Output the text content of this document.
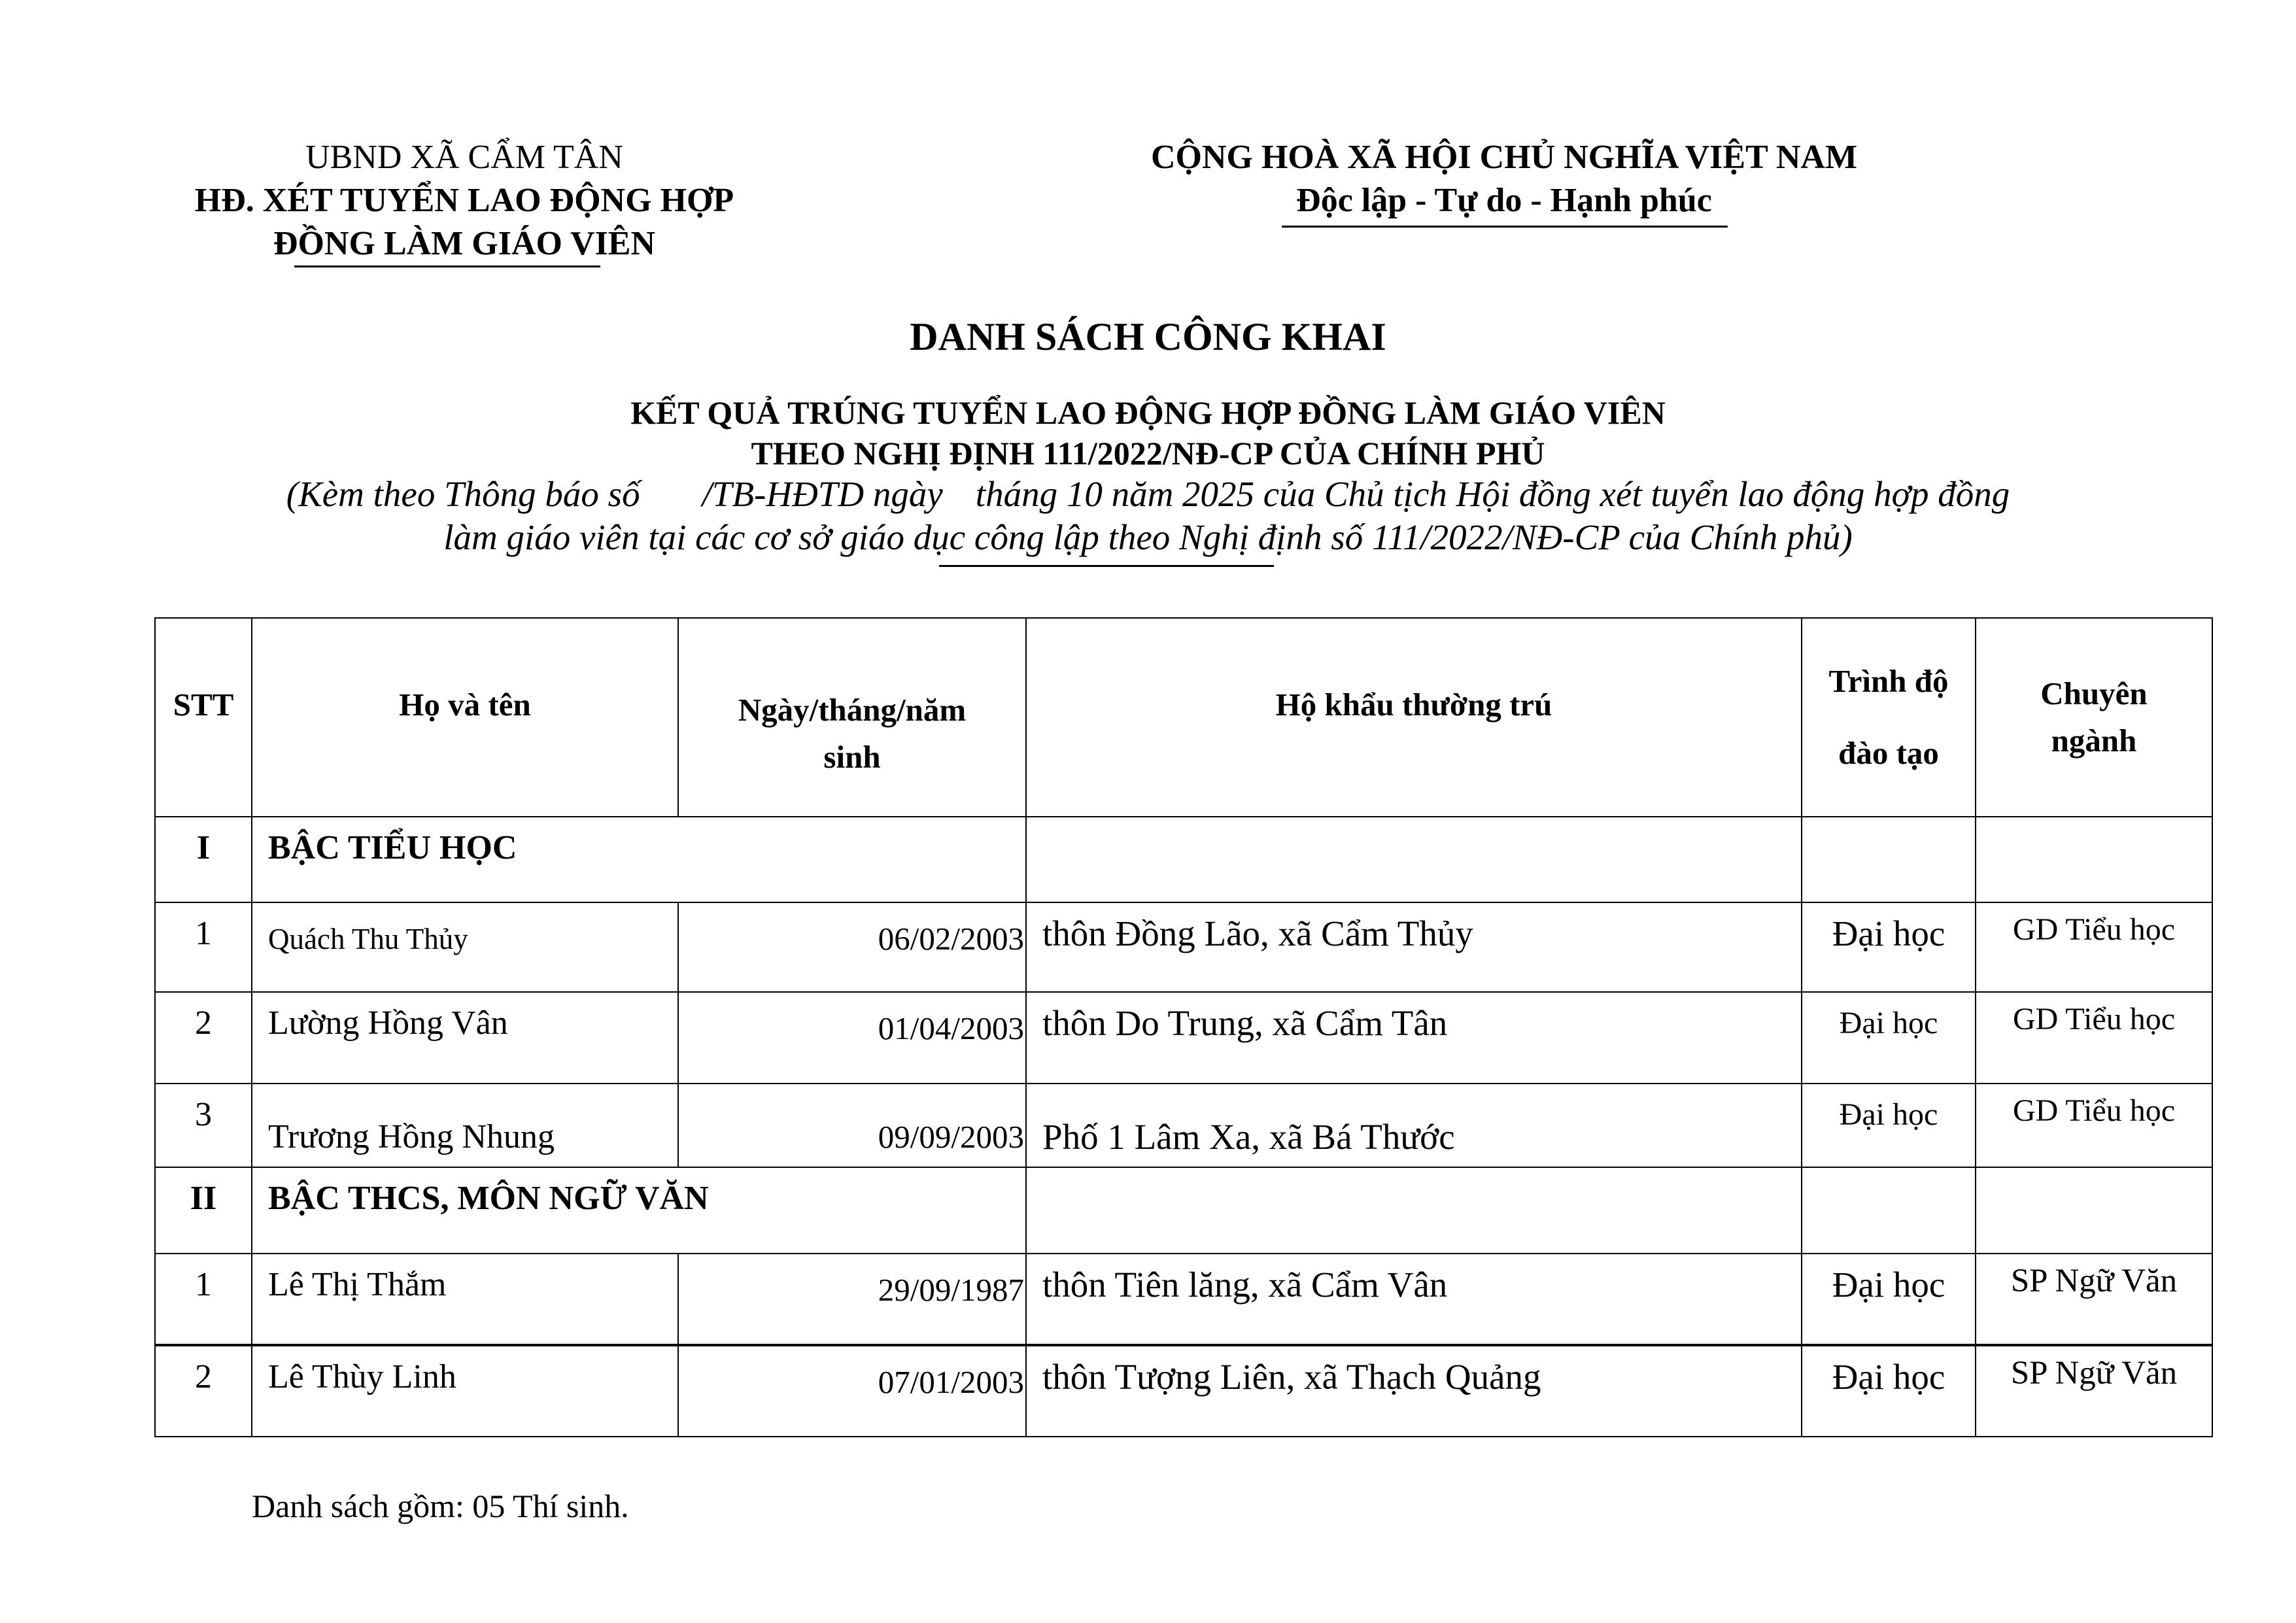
UBND XÃ CẨM TÂN
HĐ. XÉT TUYỂN LAO ĐỘNG HỢP
ĐỒNG LÀM GIÁO VIÊN
CỘNG HOÀ XÃ HỘI CHỦ NGHĨA VIỆT NAM
Độc lập - Tự do - Hạnh phúc
DANH SÁCH CÔNG KHAI
KẾT QUẢ TRÚNG TUYỂN LAO ĐỘNG HỢP ĐỒNG LÀM GIÁO VIÊN
THEO NGHỊ ĐỊNH 111/2022/NĐ-CP CỦA CHÍNH PHỦ
(Kèm theo Thông báo số /TB-HĐTD ngày tháng 10 năm 2025 của Chủ tịch Hội đồng xét tuyển lao động hợp đồng
làm giáo viên tại các cơ sở giáo dục công lập theo Nghị định số 111/2022/NĐ-CP của Chính phủ)
STT	Họ và tên	Ngày/tháng/năm sinh	Hộ khẩu thường trú	Trình độ đào tạo	Chuyên ngành
I	BẬC TIỂU HỌC				
1	Quách Thu Thủy	06/02/2003	thôn Đồng Lão, xã Cẩm Thủy	Đại học	GD Tiểu học
2	Lường Hồng Vân	01/04/2003	thôn Do Trung, xã Cẩm Tân	Đại học	GD Tiểu học
3	Trương Hồng Nhung	09/09/2003	Phố 1 Lâm Xa, xã Bá Thước	Đại học	GD Tiểu học
II	BẬC THCS, MÔN NGỮ VĂN				
1	Lê Thị Thắm	29/09/1987	thôn Tiên lăng, xã Cẩm Vân	Đại học	SP Ngữ Văn
2	Lê Thùy Linh	07/01/2003	thôn Tượng Liên, xã Thạch Quảng	Đại học	SP Ngữ Văn
Danh sách gồm: 05 Thí sinh.
